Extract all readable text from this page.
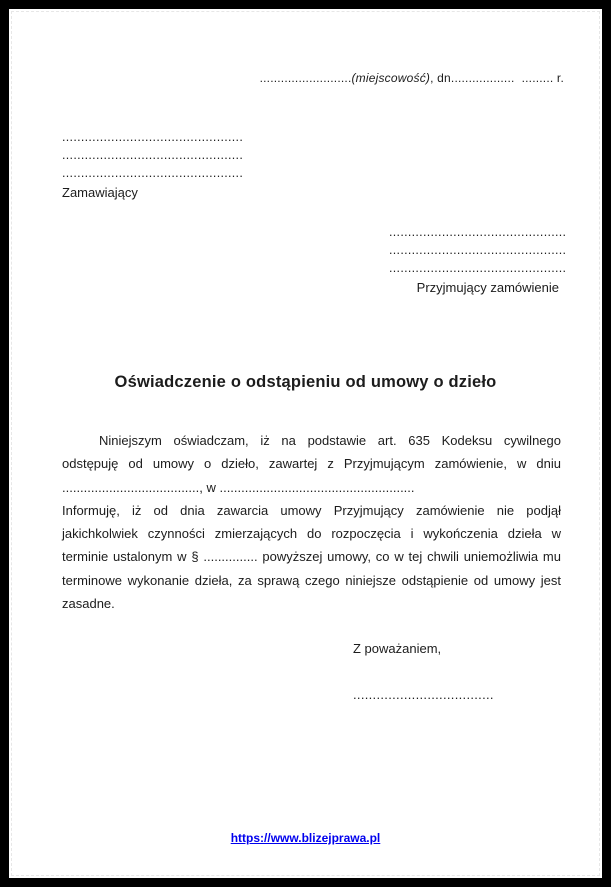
..........................(miejscowość), dn..................  ......... r.
................................................
................................................
................................................
Zamawiający
...............................................
...............................................
...............................................
Przyjmujący zamówienie
Oświadczenie o odstąpieniu od umowy o dzieło
Niniejszym oświadczam, iż na podstawie art. 635 Kodeksu cywilnego
odstępuję od umowy o dzieło, zawartej z Przyjmującym zamówienie, w dniu
......................................, w ......................................................
Informuję, iż od dnia zawarcia umowy Przyjmujący zamówienie nie podjął
jakichkolwiek czynności zmierzających do rozpoczęcia i wykończenia dzieła w
terminie ustalonym w § ............... powyższej umowy, co w tej chwili uniemożliwia mu
terminowe wykonanie dzieła, za sprawą czego niniejsze odstąpienie od umowy jest
zasadne.
Z poważaniem,
....................................
https://www.blizejprawa.pl
